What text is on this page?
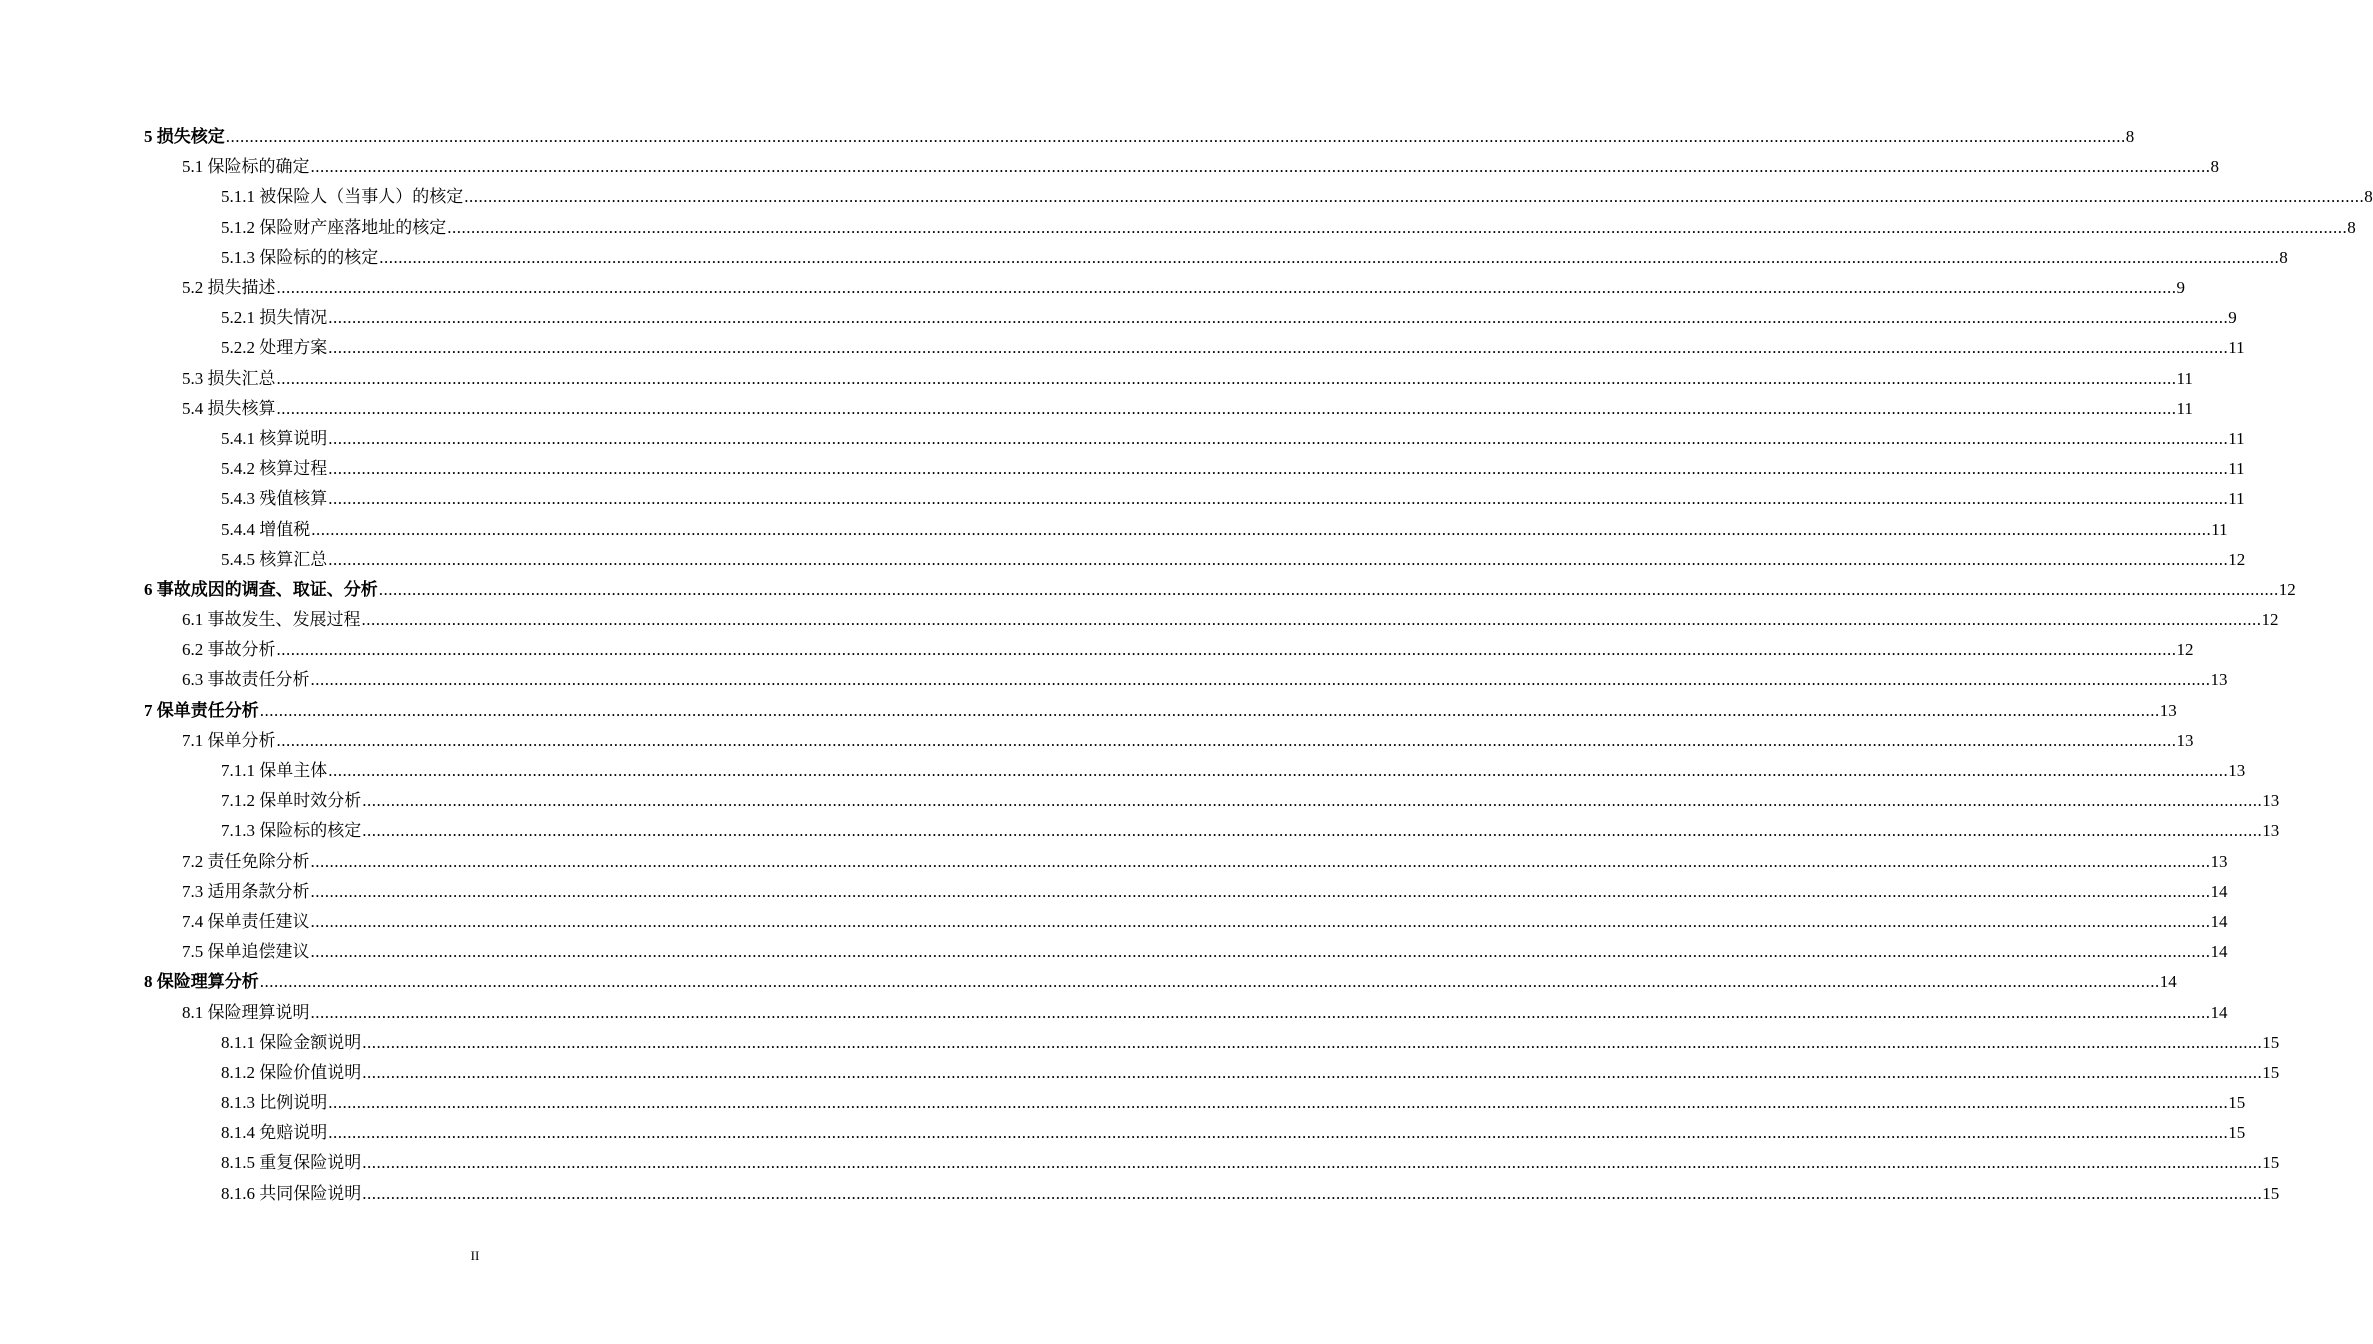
5 损失核定 ................................................................................................................................................................................................................................................................................................................................................................................................................ 8
5.1 保险标的确定 ................................................................................................................................................................................................................................................................................................................................................................................................................ 8
5.1.1 被保险人（当事人）的核定 ................................................................................................................................................................................................................................................................................................................................................................................................................ 8
5.1.2 保险财产座落地址的核定 ................................................................................................................................................................................................................................................................................................................................................................................................................ 8
5.1.3 保险标的的核定 ................................................................................................................................................................................................................................................................................................................................................................................................................ 8
5.2 损失描述 ................................................................................................................................................................................................................................................................................................................................................................................................................ 9
5.2.1 损失情况 ................................................................................................................................................................................................................................................................................................................................................................................................................ 9
5.2.2 处理方案 ................................................................................................................................................................................................................................................................................................................................................................................................................ 11
5.3 损失汇总 ................................................................................................................................................................................................................................................................................................................................................................................................................ 11
5.4 损失核算 ................................................................................................................................................................................................................................................................................................................................................................................................................ 11
5.4.1 核算说明 ................................................................................................................................................................................................................................................................................................................................................................................................................ 11
5.4.2 核算过程 ................................................................................................................................................................................................................................................................................................................................................................................................................ 11
5.4.3 残值核算 ................................................................................................................................................................................................................................................................................................................................................................................................................ 11
5.4.4 增值税 ................................................................................................................................................................................................................................................................................................................................................................................................................ 11
5.4.5 核算汇总 ................................................................................................................................................................................................................................................................................................................................................................................................................ 12
6 事故成因的调查、取证、分析 ................................................................................................................................................................................................................................................................................................................................................................................................................ 12
6.1 事故发生、发展过程 ................................................................................................................................................................................................................................................................................................................................................................................................................ 12
6.2 事故分析 ................................................................................................................................................................................................................................................................................................................................................................................................................ 12
6.3 事故责任分析 ................................................................................................................................................................................................................................................................................................................................................................................................................ 13
7 保单责任分析 ................................................................................................................................................................................................................................................................................................................................................................................................................ 13
7.1 保单分析 ................................................................................................................................................................................................................................................................................................................................................................................................................ 13
7.1.1 保单主体 ................................................................................................................................................................................................................................................................................................................................................................................................................ 13
7.1.2 保单时效分析 ................................................................................................................................................................................................................................................................................................................................................................................................................ 13
7.1.3 保险标的核定 ................................................................................................................................................................................................................................................................................................................................................................................................................ 13
7.2 责任免除分析 ................................................................................................................................................................................................................................................................................................................................................................................................................ 13
7.3 适用条款分析 ................................................................................................................................................................................................................................................................................................................................................................................................................ 14
7.4 保单责任建议 ................................................................................................................................................................................................................................................................................................................................................................................................................ 14
7.5 保单追偿建议 ................................................................................................................................................................................................................................................................................................................................................................................................................ 14
8 保险理算分析 ................................................................................................................................................................................................................................................................................................................................................................................................................ 14
8.1 保险理算说明 ................................................................................................................................................................................................................................................................................................................................................................................................................ 14
8.1.1 保险金额说明 ................................................................................................................................................................................................................................................................................................................................................................................................................ 15
8.1.2 保险价值说明 ................................................................................................................................................................................................................................................................................................................................................................................................................ 15
8.1.3 比例说明 ................................................................................................................................................................................................................................................................................................................................................................................................................ 15
8.1.4 免赔说明 ................................................................................................................................................................................................................................................................................................................................................................................................................ 15
8.1.5 重复保险说明 ................................................................................................................................................................................................................................................................................................................................................................................................................ 15
8.1.6 共同保险说明 ................................................................................................................................................................................................................................................................................................................................................................................................................ 15
II
